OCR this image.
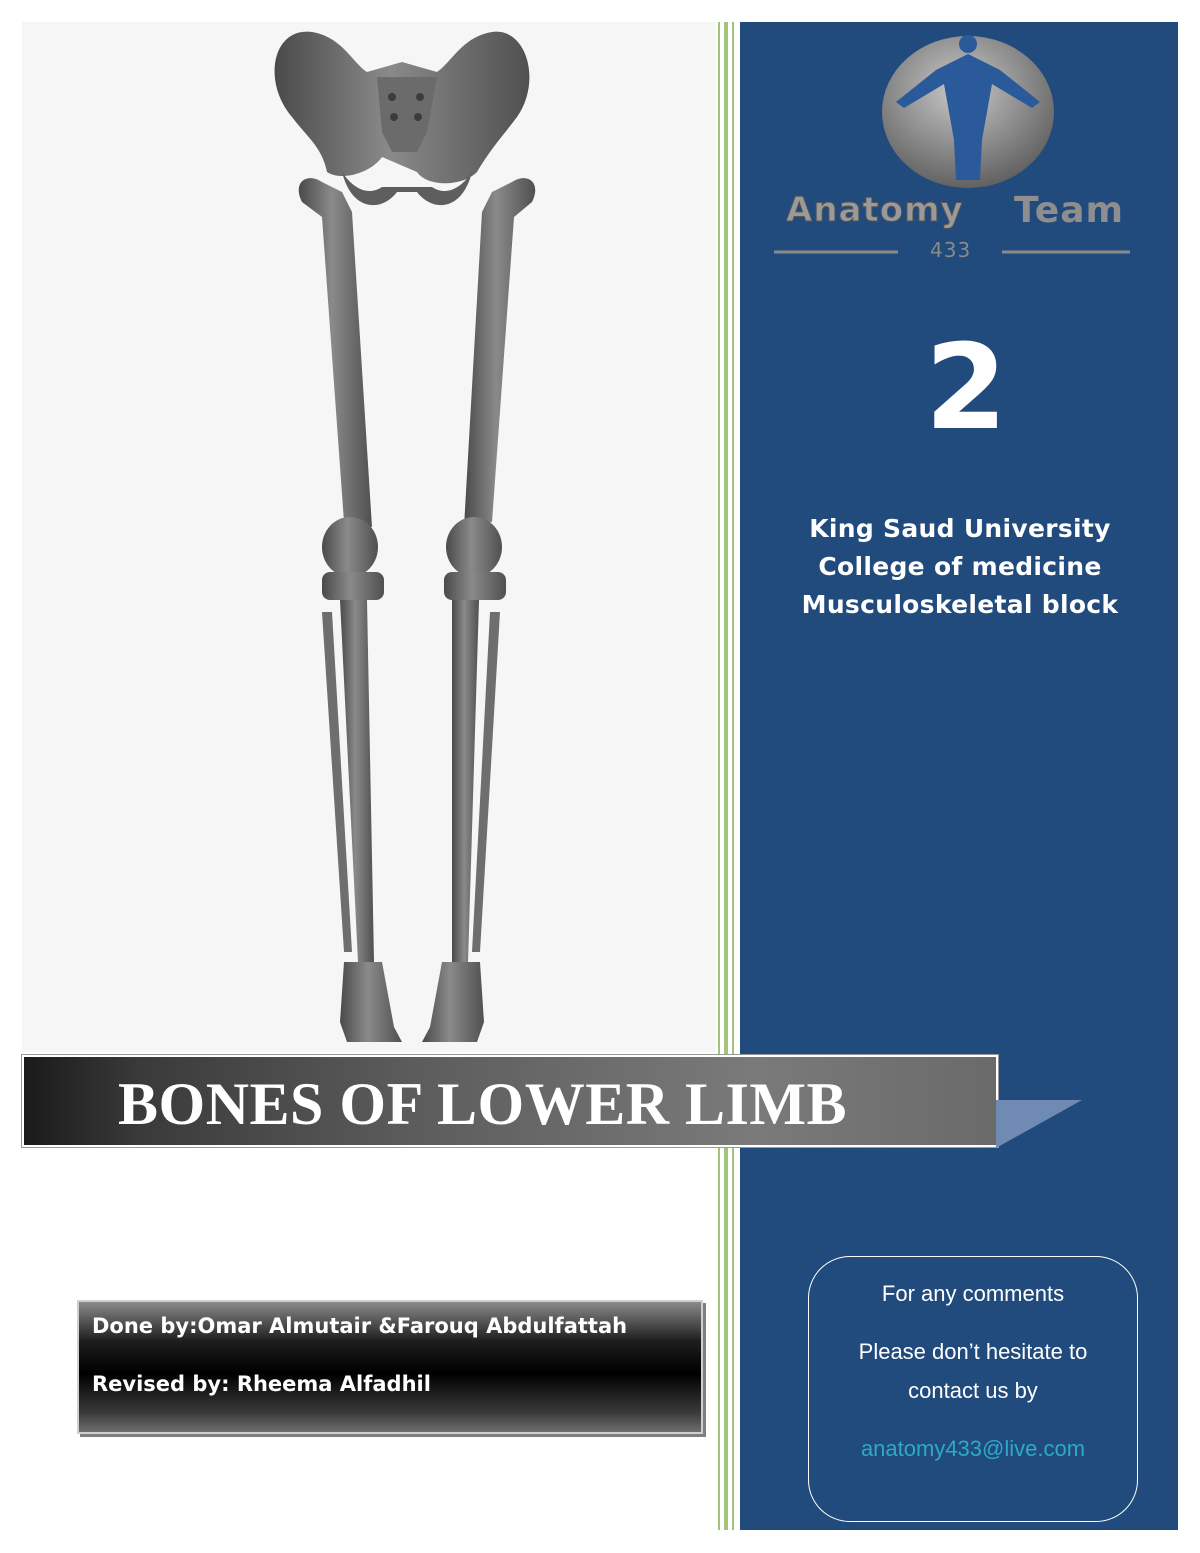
Anatomy Team
433
2
King Saud University
College of medicine
Musculoskeletal block
BONES OF LOWER LIMB
Done by:Omar Almutair &Farouq Abdulfattah
Revised by: Rheema Alfadhil
For any comments
Please don’t hesitate to
contact us by
anatomy433@live.com
